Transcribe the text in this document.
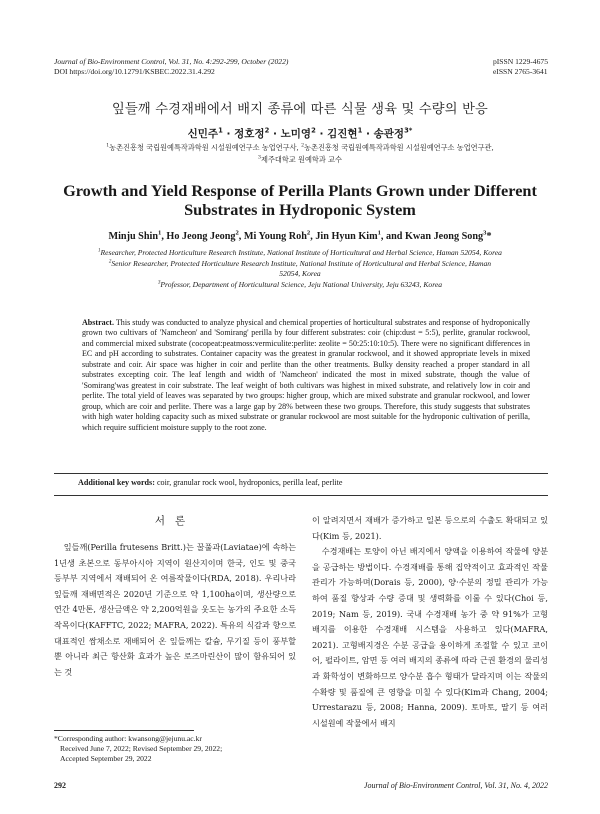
Journal of Bio-Environment Control, Vol. 31, No. 4:292-299, October (2022)
DOI https://doi.org/10.12791/KSBEC.2022.31.4.292
pISSN 1229-4675
eISSN 2765-3641
잎들깨 수경재배에서 배지 종류에 따른 식물 생육 및 수량의 반응
신민주$^1$ · 정호정$^2$ · 노미영$^2$ · 김진현$^1$ · 송관정$^{3*}$
$^1$농촌진흥청 국립원예특작과학원 시설원예연구소 농업연구사, $^2$농촌진흥청 국립원예특작과학원 시설원예연구소 농업연구관,
$^3$제주대학교 원예학과 교수
Growth and Yield Response of Perilla Plants Grown under Different
Substrates in Hydroponic System
Minju Shin$^1$, Ho Jeong Jeong$^2$, Mi Young Roh$^2$, Jin Hyun Kim$^1$, and Kwan Jeong Song$^3$*
$^1$Researcher, Protected Horticulture Research Institute, National Institute of Horticultural and Herbal Science, Haman 52054, Korea
$^2$Senior Researcher, Protected Horticulture Research Institute, National Institute of Horticultural and Herbal Science, Haman
52054, Korea
$^3$Professor, Department of Horticultural Science, Jeju National University, Jeju 63243, Korea
Abstract. This study was conducted to analyze physical and chemical properties of horticultural substrates and response of hydroponically grown two cultivars of 'Namcheon' and 'Somirang' perilla by four different substrates: coir (chip:dust = 5:5), perlite, granular rockwool, and commercial mixed substrate (cocopeat:peatmoss:vermiculite:perlite: zeolite = 50:25:10:10:5). There were no significant differences in EC and pH according to substrates. Container capacity was the greatest in granular rockwool, and it showed appropriate levels in mixed substrate and coir. Air space was higher in coir and perlite than the other treatments. Bulky density reached a proper standard in all substrates excepting coir. The leaf length and width of 'Namcheon' indicated the most in mixed substrate, though the value of 'Somirang'was greatest in coir substrate. The leaf weight of both cultivars was highest in mixed substrate, and relatively low in coir and perlite. The total yield of leaves was separated by two groups: higher group, which are mixed substrate and granular rockwool, and lower group, which are coir and perlite. There was a large gap by 28% between these two groups. Therefore, this study suggests that substrates with high water holding capacity such as mixed substrate or granular rockwool are most suitable for the hydroponic cultivation of perilla, which require sufficient moisture supply to the root zone.
Additional key words: coir, granular rock wool, hydroponics, perilla leaf, perlite
서론

잎들깨(Perilla frutesens Britt.)는 꿀풀과(Laviatae)에 속하는 1년생 초본으로 동부아시아 지역이 원산지이며 한국, 인도 및 중국 등부부 지역에서 재배되어 온 여름작물이다(RDA, 2018). 우리나라 잎들깨 재배면적은 2020년 기준으로 약 1,100ha이며, 생산량으로 연간 4만톤, 생산금액은 약 2,200억원을 웃도는 농가의 주요한 소득작목이다(KAFFTC, 2022; MAFRA, 2022). 특유의 식감과 향으로 대표적인 쌈채소로 재배되어 온 잎들깨는 칼슘, 무기질 등이 풍부할 뿐 아니라 최근 항산화 효과가 높은 로즈마린산이 많이 함유되어 있는 것

이 알려지면서 재배가 증가하고 일본 등으로의 수출도 확대되고 있다(Kim 등, 2021).

수경재배는 토양이 아닌 배지에서 양액을 이용하여 작물에 양분을 공급하는 방법이다. 수경재배를 통해 집약적이고 효과적인 작물 관리가 가능하며(Dorais 등, 2000), 양·수분의 정밀 관리가 가능하여 품질 향상과 수량 증대 및 생력화를 이룰 수 있다(Choi 등, 2019; Nam 등, 2019). 국내 수경재배 농가 중 약 91%가 고형 배지를 이용한 수경재배 시스템을 사용하고 있다(MAFRA, 2021). 고형배지경은 수분 공급을 용이하게 조절할 수 있고 코이어, 펄라이트, 암면 등 여러 배지의 종류에 따라 근권 환경의 물리성과 화학성이 변화하므로 양수분 흡수 형태가 달라지며 이는 작물의 수확량 및 품질에 큰 영향을 미칠 수 있다(Kim과 Chang, 2004; Urrestarazu 등, 2008; Hanna, 2009). 토마토, 딸기 등 여러 시설원예 작물에서 배지

*Corresponding author: kwansong@jejunu.ac.kr
Received June 7, 2022; Revised September 29, 2022;
Accepted September 29, 2022
292	Journal of Bio-Environment Control, Vol. 31, No. 4, 2022
